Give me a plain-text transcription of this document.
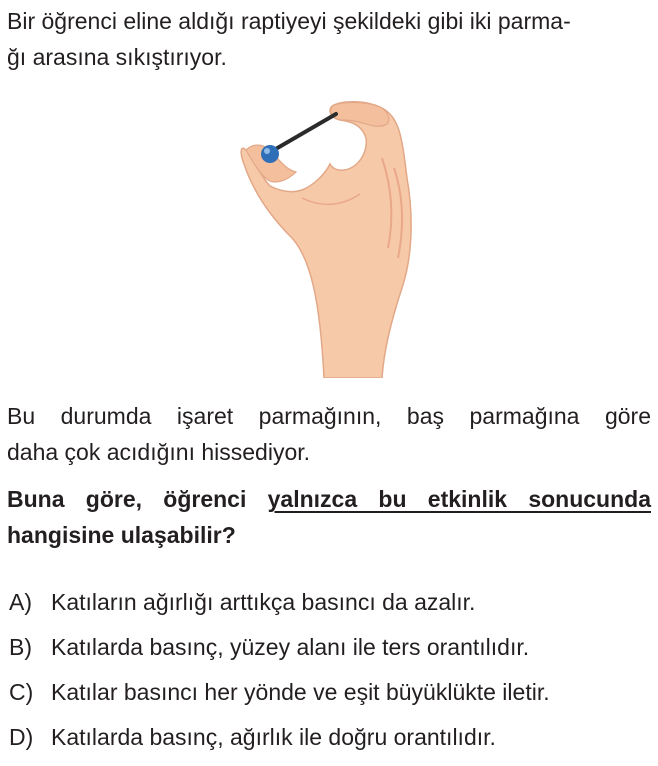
Bir öğrenci eline aldığı raptiyeyi şekildeki gibi iki parma-
ğı arasına sıkıştırıyor.

Bu durumda işaret parmağının, baş parmağına göre
daha çok acıdığını hissediyor.

Buna göre, öğrenci yalnızca bu etkinlik sonucunda
hangisine ulaşabilir?

A) Katıların ağırlığı arttıkça basıncı da azalır.
B) Katılarda basınç, yüzey alanı ile ters orantılıdır.
C) Katılar basıncı her yönde ve eşit büyüklükte iletir.
D) Katılarda basınç, ağırlık ile doğru orantılıdır.
